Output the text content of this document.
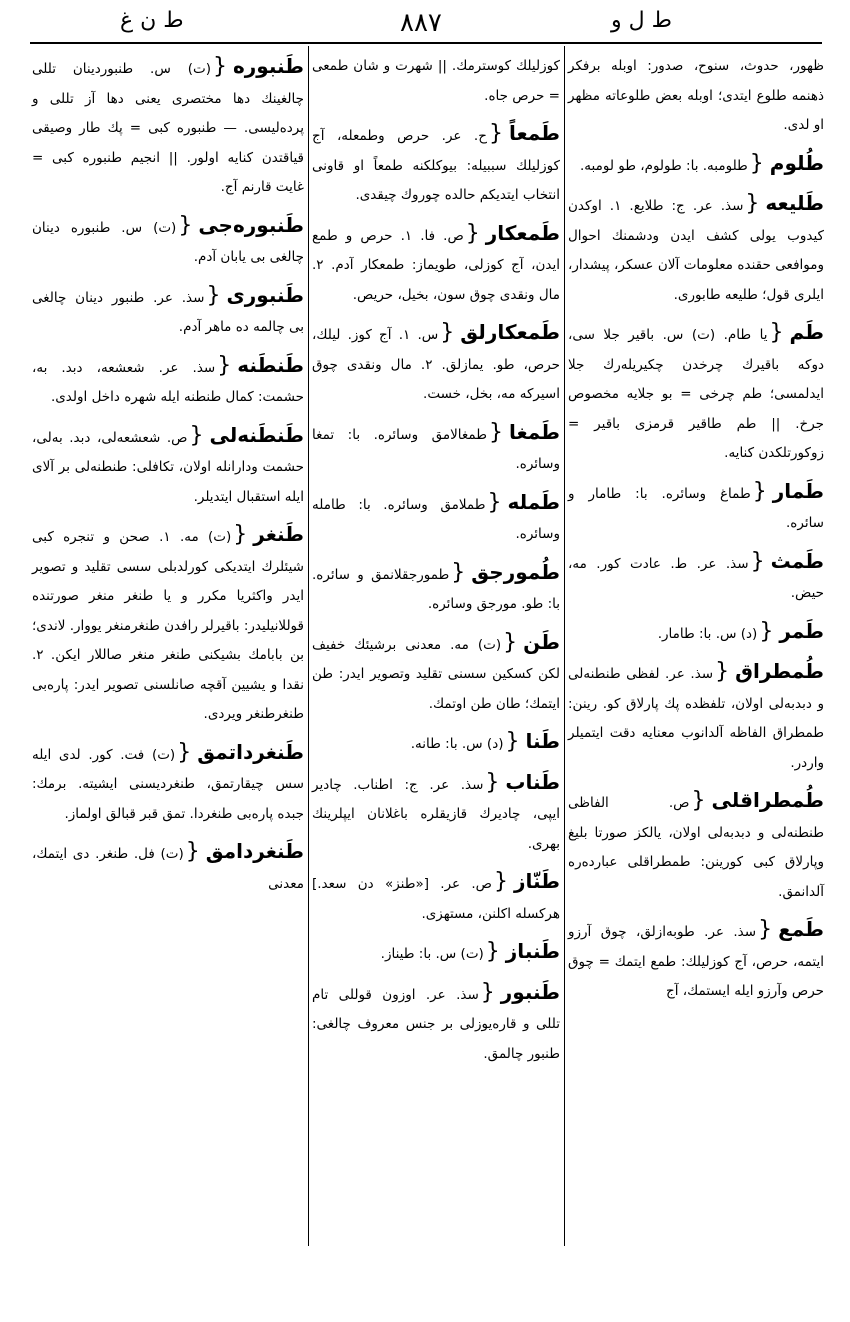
ط ن غ	۸۸۷	ط ل و
ظهور، حدوث، سنوح، صدور: اوبله برفكر ذهنمه طلوع ایتدی؛ اوبله بعض طلوعاته مظهر او لدی.
طُلوم{طلومبه. با: طولوم، طو لومبه.
طَليعه{سذ. عر. ج: طلايع. ۱. اوكدن كيدوب يولی كشف ايدن ودشمنك احوال وموافعی حقنده معلومات آلان عسكر، پيشدار، ايلری قول؛ طليعه طابوری.
طَم{يا طام. (ت) س. باقير جلا سی، دوكه باقيرك چرخدن چكيريله‌رك جلا ايدلمسی؛ طم چرخی = بو جلايه مخصوص جرخ. || طم طاقير قرمزی باقير = زوكورتلكدن كنايه.
طَمار{طماغ وسائره. با: طامار و سائره.
طَمث{سذ. عر. ط. عادت كور. مه، حيض.
طَمر{(د) س. با: طامار.
طُمطراق{سذ. عر. لفظی طنطنه‌لی و دبدبه‌لی اولان، تلفظده پك پارلاق كو. رينن: طمطراق الفاظه آلدانوب معنايه دقت ايتميلر واردر.
طُمطراقلی{ص. الفاظی طنطنه‌لی و دبدبه‌لی اولان، يالكز صورتا بليغ وپارلاق كبی كورينن: طمطراقلی عبارده‌ره آلدانمق.
طَمع{سذ. عر. طوبه‌ازلق، چوق آرزو ايتمه، حرص، آج كوزلیلك: طمع ايتمك = چوق حرص وآرزو ايله ايستمك، آج
كوزلیلك كوسترمك. || شهرت و شان طمعی = حرص جاه.
طَمعاً{ح. عر. حرص وطمعله، آج كوزلیلك سببيله: بيوكلكنه طمعاً او قاونی انتخاب ايتديكم حالده چوروك چيقدی.
طَمعكار{ص. فا. ۱. حرص و طمع ايدن، آج كوزلی، طويماز: طمعكار آدم. ۲. مال ونقدی چوق سون، بخيل، حريص.
طَمعكارلق{س. ۱. آج كوز. لیلك، حرص، طو. يمازلق. ۲. مال ونقدی چوق اسيركه مه، بخل، خست.
طَمغا{طمغالامق وسائره. با: تمغا وسائره.
طَمله{طملامق وسائره. با: طامله وسائره.
طُمورجق{طمورجقلانمق و سائره. با: طو. مورجق وسائره.
طَن{(ت) مه. معدنی برشيئك خفيف لكن كسكين سسنی تقليد وتصوير ايدر: طن ايتمك؛ طان طن اوتمك.
طَنا{(د) س. با: طانه.
طَناب{سذ. عر. ج: اطناب. چادير ايپی، چاديرك قازيقلره باغلانان ايپلرينك بهری.
طَنّاز{ص. عر. [«طنز» دن سعد.] هركسله اكلنن، مستهزی.
طَنباز{(ت) س. با: طيناز.
طَنبور{سذ. عر. اوزون قوللی تام تللی و قاره‌يوزلی بر جنس معروف چالغی: طنبور چالمق.
طَنبوره{(ت) س. طنبوردينان تللی چالغينك دها مختصری يعنی دها آز تللی و پرده‌ليسی. — طنبوره كبی = پك طار وصيقی قياقتدن كنايه اولور. || انجيم طنبوره كبی = غايت قارنم آج.
طَنبوره‌جی{(ت) س. طنبوره دينان چالغی بی يابان آدم.
طَنبوری{سذ. عر. طنبور دينان چالغی بی چالمه ده ماهر آدم.
طَنطَنه{سذ. عر. شعشعه، دبد. به، حشمت: كمال طنطنه ايله شهره داخل اولدی.
طَنطَنه‌لی{ص. شعشعه‌لی، دبد. به‌لی، حشمت ودارانله اولان، تكافلی: طنطنه‌لی بر آلای ايله استقبال ايتديلر.
طَنغر{(ت) مه. ۱. صحن و تنجره كبی شيئلرك ايتديكی كورلدبلی سسی تقليد و تصوير ايدر واكثريا مكرر و يا طنغر منغر صورتنده قوللانيليدر: باقيرلر رافدن طنغرمنغر يووار. لاندی؛ بن بابامك بشيكنی طنغر منغر صاللار ايكن. ۲. نقدا و يشيين آقچه صانلسنی تصوير ايدر: پاره‌بی طنغرطنغر ويردی.
طَنغرداتمق{(ت) فت. كور. لدی ايله سس چيقارتمق، طنغرديسنی ايشيته. برمك: جبده پاره‌بی طنغردا. تمق قبر قبالق اولماز.
طَنغردامق{(ت) فل. طنغر. دی ايتمك، معدنی
